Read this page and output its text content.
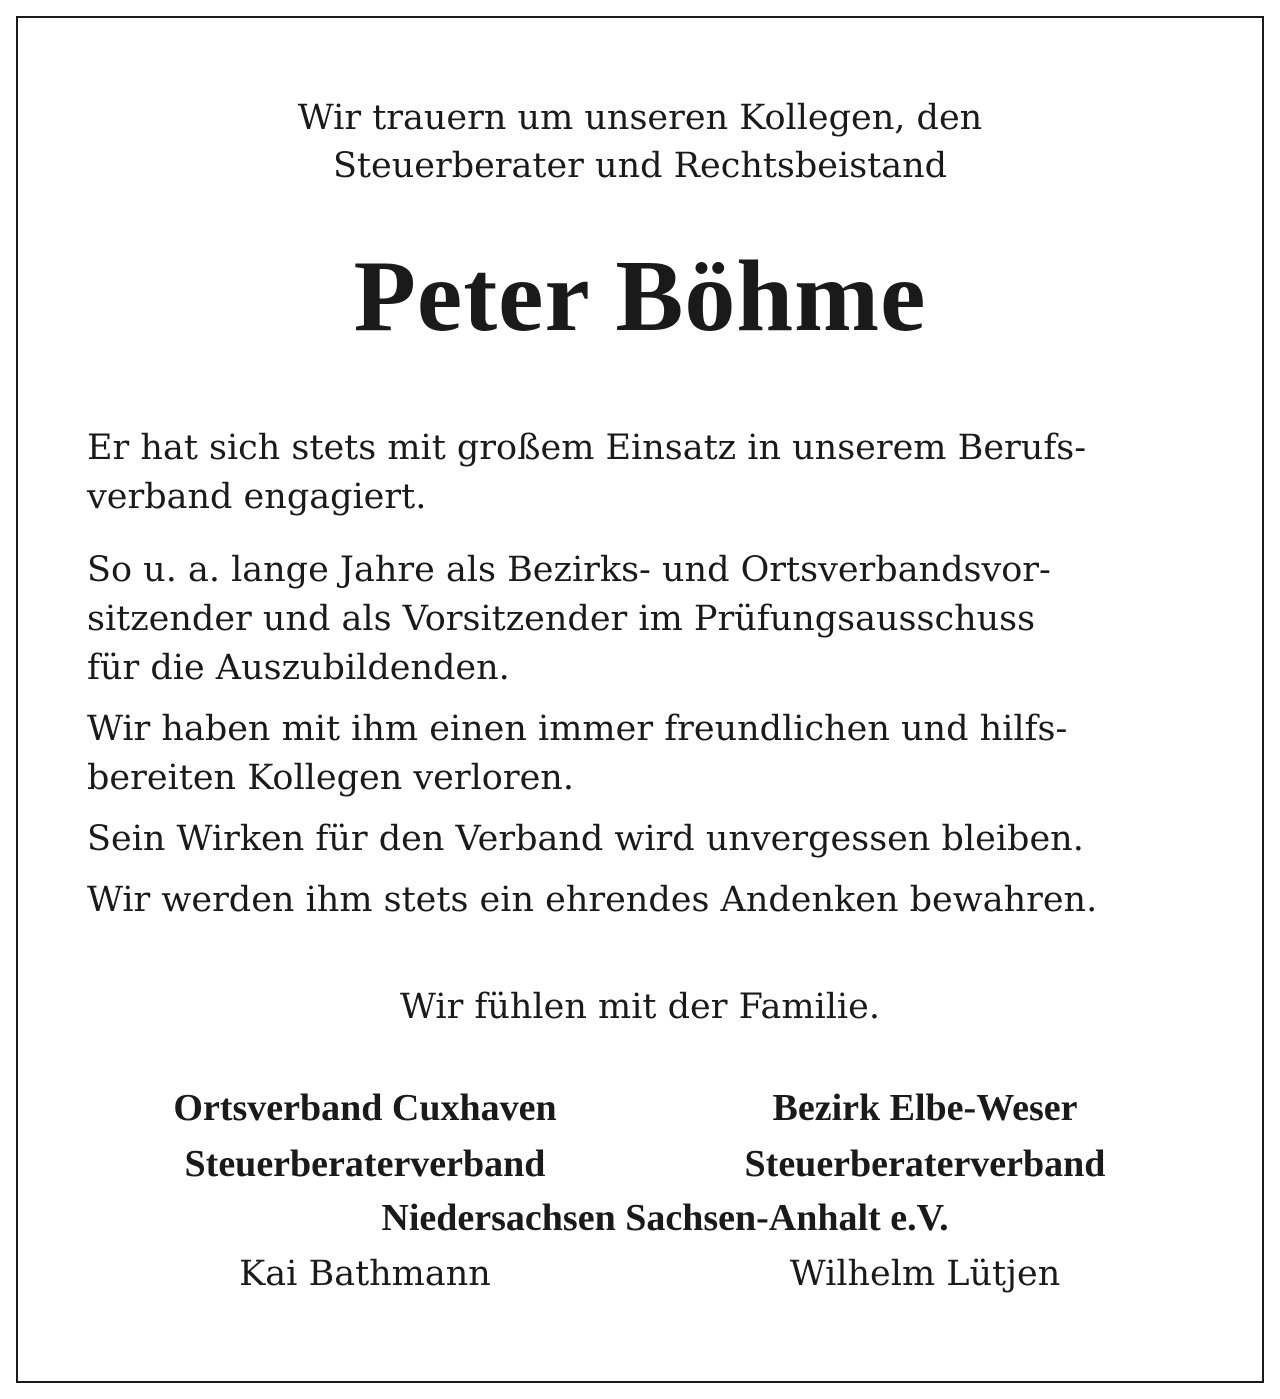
Wir trauern um unseren Kollegen, den
Steuerberater und Rechtsbeistand
Peter Böhme
Er hat sich stets mit großem Einsatz in unserem Berufs-
verband engagiert.
So u. a. lange Jahre als Bezirks- und Ortsverbandsvor-
sitzender und als Vorsitzender im Prüfungsausschuss
für die Auszubildenden.
Wir haben mit ihm einen immer freundlichen und hilfs-
bereiten Kollegen verloren.
Sein Wirken für den Verband wird unvergessen bleiben.
Wir werden ihm stets ein ehrendes Andenken bewahren.
Wir fühlen mit der Familie.
Ortsverband Cuxhaven	Bezirk Elbe-Weser
Steuerberaterverband	Steuerberaterverband
Niedersachsen Sachsen-Anhalt e.V.
Kai Bathmann	Wilhelm Lütjen
